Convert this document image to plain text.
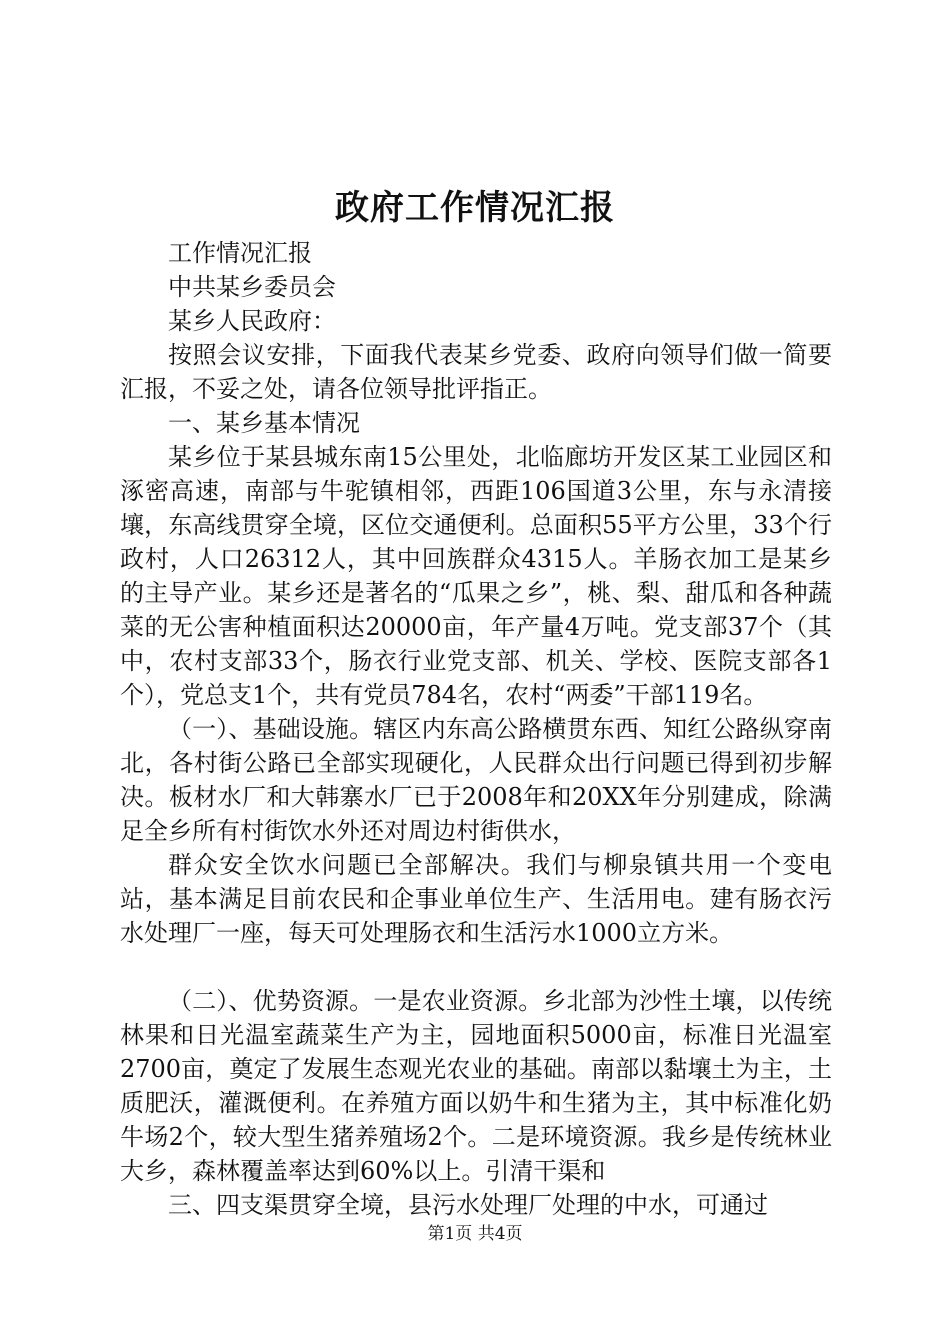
政府工作情况汇报

工作情况汇报

中共某乡委员会

某乡人民政府：

按照会议安排，下面我代表某乡党委、政府向领导们做一简要汇报，不妥之处，请各位领导批评指正。

一、某乡基本情况

某乡位于某县城东南15公里处，北临廊坊开发区某工业园区和涿密高速，南部与牛驼镇相邻，西距106国道3公里，东与永清接壤，东高线贯穿全境，区位交通便利。总面积55平方公里，33个行政村，人口26312人，其中回族群众4315人。羊肠衣加工是某乡的主导产业。某乡还是著名的“瓜果之乡”，桃、梨、甜瓜和各种蔬菜的无公害种植面积达20000亩，年产量4万吨。党支部37个（其中，农村支部33个，肠衣行业党支部、机关、学校、医院支部各1个），党总支1个，共有党员784名，农村“两委”干部119名。

（一）、基础设施。辖区内东高公路横贯东西、知红公路纵穿南北，各村街公路已全部实现硬化，人民群众出行问题已得到初步解决。板材水厂和大韩寨水厂已于2008年和20XX年分别建成，除满足全乡所有村街饮水外还对周边村街供水，

群众安全饮水问题已全部解决。我们与柳泉镇共用一个变电站，基本满足目前农民和企事业单位生产、生活用电。建有肠衣污水处理厂一座，每天可处理肠衣和生活污水1000立方米。

（二）、优势资源。一是农业资源。乡北部为沙性土壤，以传统林果和日光温室蔬菜生产为主，园地面积5000亩，标准日光温室2700亩，奠定了发展生态观光农业的基础。南部以黏壤土为主，土质肥沃，灌溉便利。在养殖方面以奶牛和生猪为主，其中标准化奶牛场2个，较大型生猪养殖场2个。二是环境资源。我乡是传统林业大乡，森林覆盖率达到60%以上。引清干渠和

三、四支渠贯穿全境，县污水处理厂处理的中水，可通过

第1页 共4页
